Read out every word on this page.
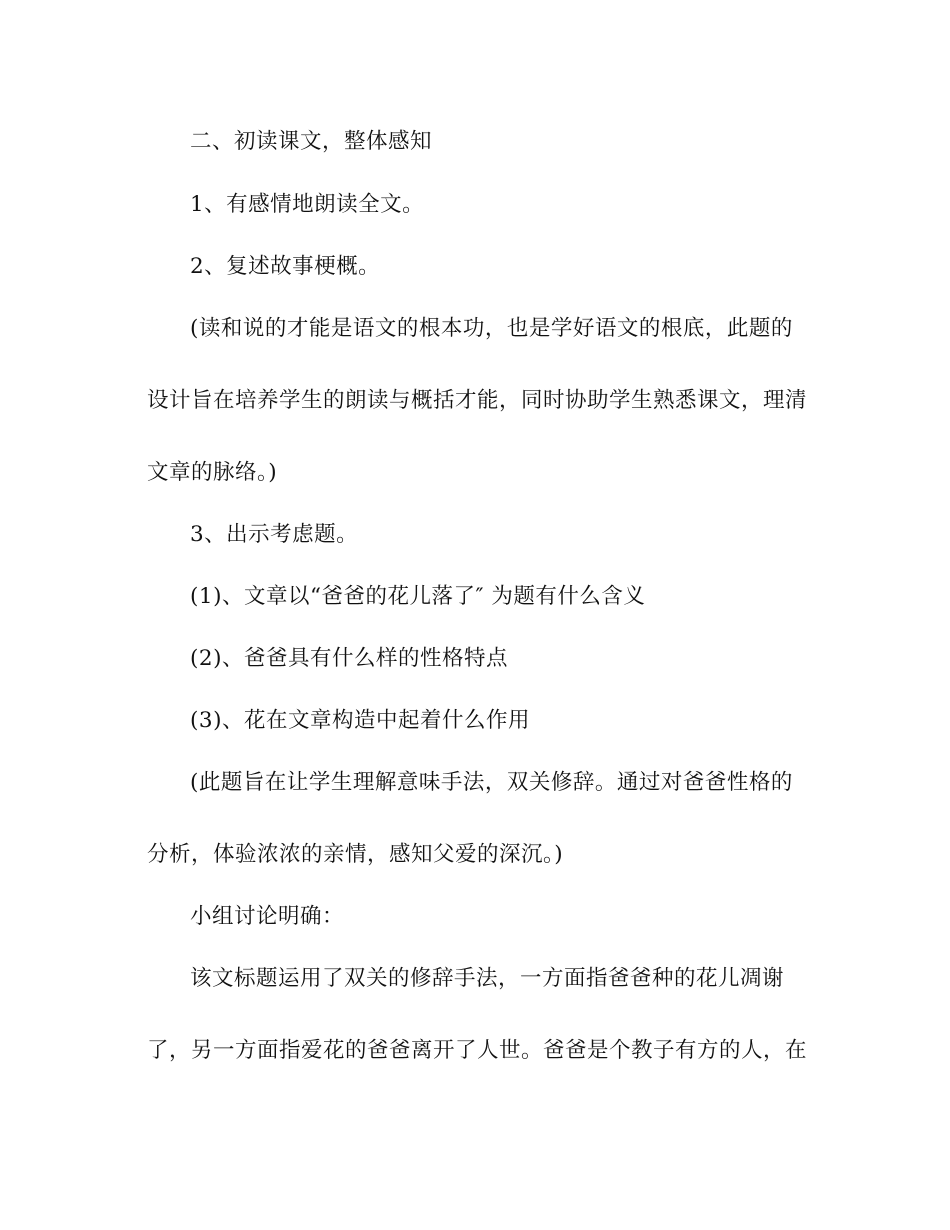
二、初读课文，整体感知
1、有感情地朗读全文。
2、复述故事梗概。
(读和说的才能是语文的根本功，也是学好语文的根底，此题的
设计旨在培养学生的朗读与概括才能，同时协助学生熟悉课文，理清
文章的脉络。)
3、出示考虑题。
(1)、文章以“爸爸的花儿落了″ 为题有什么含义
(2)、爸爸具有什么样的性格特点
(3)、花在文章构造中起着什么作用
(此题旨在让学生理解意味手法，双关修辞。通过对爸爸性格的
分析，体验浓浓的亲情，感知父爱的深沉。)
小组讨论明确：
该文标题运用了双关的修辞手法，一方面指爸爸种的花儿凋谢
了，另一方面指爱花的爸爸离开了人世。爸爸是个教子有方的人，在
